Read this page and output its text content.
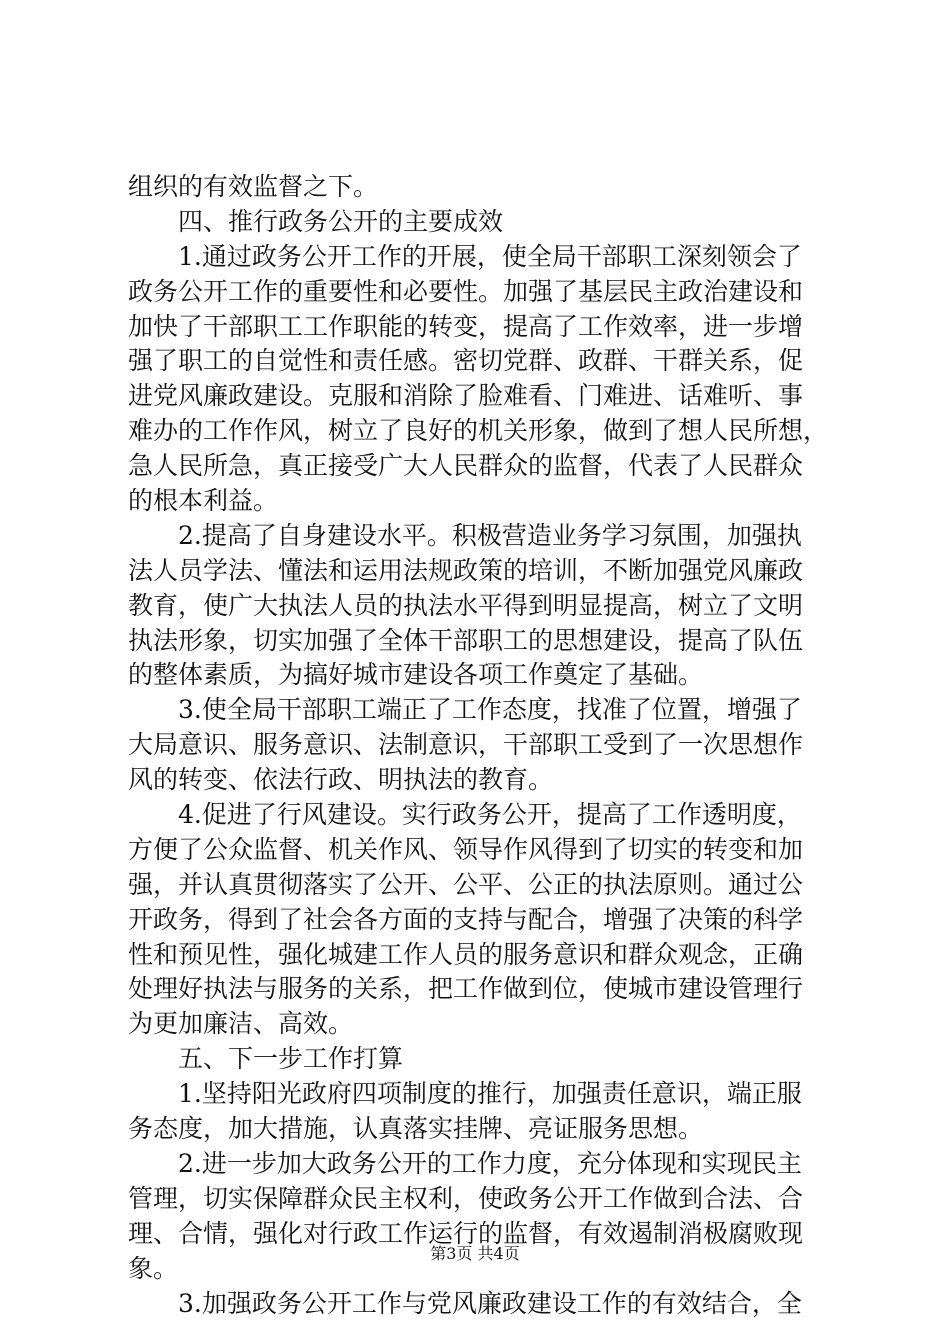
组织的有效监督之下。
四、推行政务公开的主要成效
1.通过政务公开工作的开展，使全局干部职工深刻领会了
政务公开工作的重要性和必要性。加强了基层民主政治建设和
加快了干部职工工作职能的转变，提高了工作效率，进一步增
强了职工的自觉性和责任感。密切党群、政群、干群关系，促
进党风廉政建设。克服和消除了脸难看、门难进、话难听、事
难办的工作作风，树立了良好的机关形象，做到了想人民所想，
急人民所急，真正接受广大人民群众的监督，代表了人民群众
的根本利益。
2.提高了自身建设水平。积极营造业务学习氛围，加强执
法人员学法、懂法和运用法规政策的培训，不断加强党风廉政
教育，使广大执法人员的执法水平得到明显提高，树立了文明
执法形象，切实加强了全体干部职工的思想建设，提高了队伍
的整体素质，为搞好城市建设各项工作奠定了基础。
3.使全局干部职工端正了工作态度，找准了位置，增强了
大局意识、服务意识、法制意识，干部职工受到了一次思想作
风的转变、依法行政、明执法的教育。
4.促进了行风建设。实行政务公开，提高了工作透明度，
方便了公众监督、机关作风、领导作风得到了切实的转变和加
强，并认真贯彻落实了公开、公平、公正的执法原则。通过公
开政务，得到了社会各方面的支持与配合，增强了决策的科学
性和预见性，强化城建工作人员的服务意识和群众观念，正确
处理好执法与服务的关系，把工作做到位，使城市建设管理行
为更加廉洁、高效。
五、下一步工作打算
1.坚持阳光政府四项制度的推行，加强责任意识，端正服
务态度，加大措施，认真落实挂牌、亮证服务思想。
2.进一步加大政务公开的工作力度，充分体现和实现民主
管理，切实保障群众民主权利，使政务公开工作做到合法、合
理、合情，强化对行政工作运行的监督，有效遏制消极腐败现
象。
3.加强政务公开工作与党风廉政建设工作的有效结合，全
第3页 共4页
